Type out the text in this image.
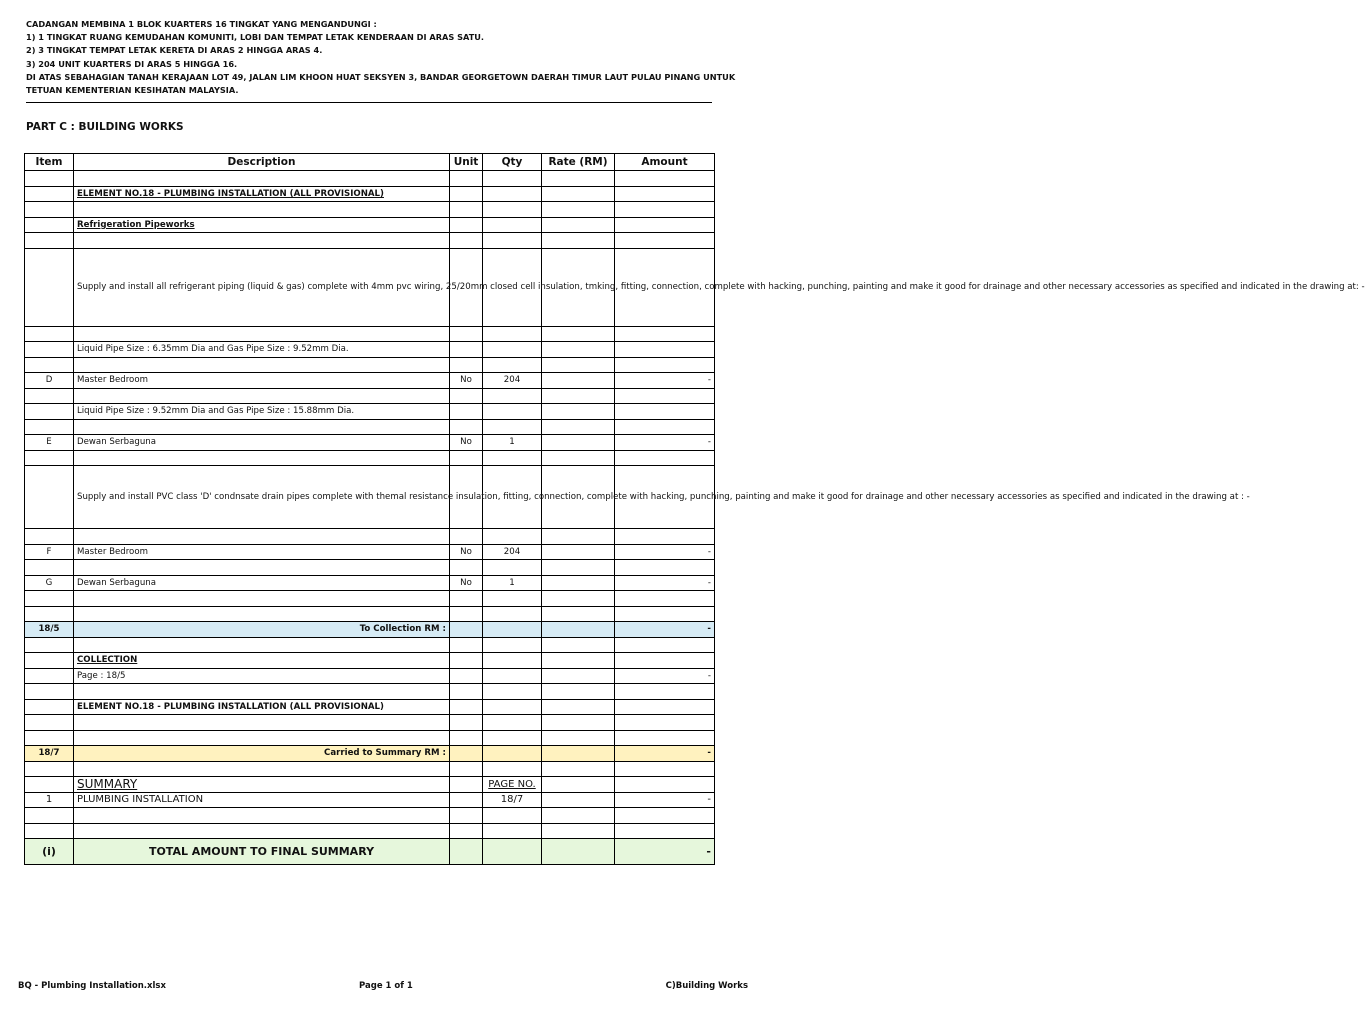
CADANGAN MEMBINA 1 BLOK KUARTERS 16 TINGKAT YANG MENGANDUNGI :
1) 1 TINGKAT RUANG KEMUDAHAN KOMUNITI, LOBI DAN TEMPAT LETAK KENDERAAN DI ARAS SATU.
2) 3 TINGKAT TEMPAT LETAK KERETA DI ARAS 2 HINGGA ARAS 4.
3) 204 UNIT KUARTERS DI ARAS 5 HINGGA 16.
DI ATAS SEBAHAGIAN TANAH KERAJAAN LOT 49, JALAN LIM KHOON HUAT SEKSYEN 3, BANDAR GEORGETOWN DAERAH TIMUR LAUT PULAU PINANG UNTUK
TETUAN KEMENTERIAN KESIHATAN MALAYSIA.
PART C : BUILDING WORKS
Item	Description	Unit	Qty	Rate (RM)	Amount

	ELEMENT NO.18 - PLUMBING INSTALLATION (ALL PROVISIONAL)				

	Refrigeration Pipeworks				

	Supply and install all refrigerant piping (liquid & gas) complete with 4mm pvc wiring, 25/20mm closed cell insulation, tmking, fitting, connection, complete with hacking, punching, painting and make it good for drainage and other necessary accessories as specified and indicated in the drawing at: -				

	Liquid Pipe Size : 6.35mm Dia and Gas Pipe Size : 9.52mm Dia.				

D	Master Bedroom	No	204		-

	Liquid Pipe Size : 9.52mm Dia and Gas Pipe Size : 15.88mm Dia.				

E	Dewan Serbaguna	No	1		-

	Supply and install PVC class 'D' condnsate drain pipes complete with themal resistance insulation, fitting, connection, complete with hacking, punching, painting and make it good for drainage and other necessary accessories as specified and indicated in the drawing at : -				

F	Master Bedroom	No	204		-

G	Dewan Serbaguna	No	1		-

18/5	To Collection RM :				-

	COLLECTION				
	Page : 18/5				-

	ELEMENT NO.18 - PLUMBING INSTALLATION (ALL PROVISIONAL)				

18/7	Carried to Summary RM :				-

	SUMMARY		PAGE NO.		
1	PLUMBING INSTALLATION		18/7		-

(i)	TOTAL AMOUNT TO FINAL SUMMARY				-
BQ - Plumbing Installation.xlsx	Page 1 of 1	C)Building Works
